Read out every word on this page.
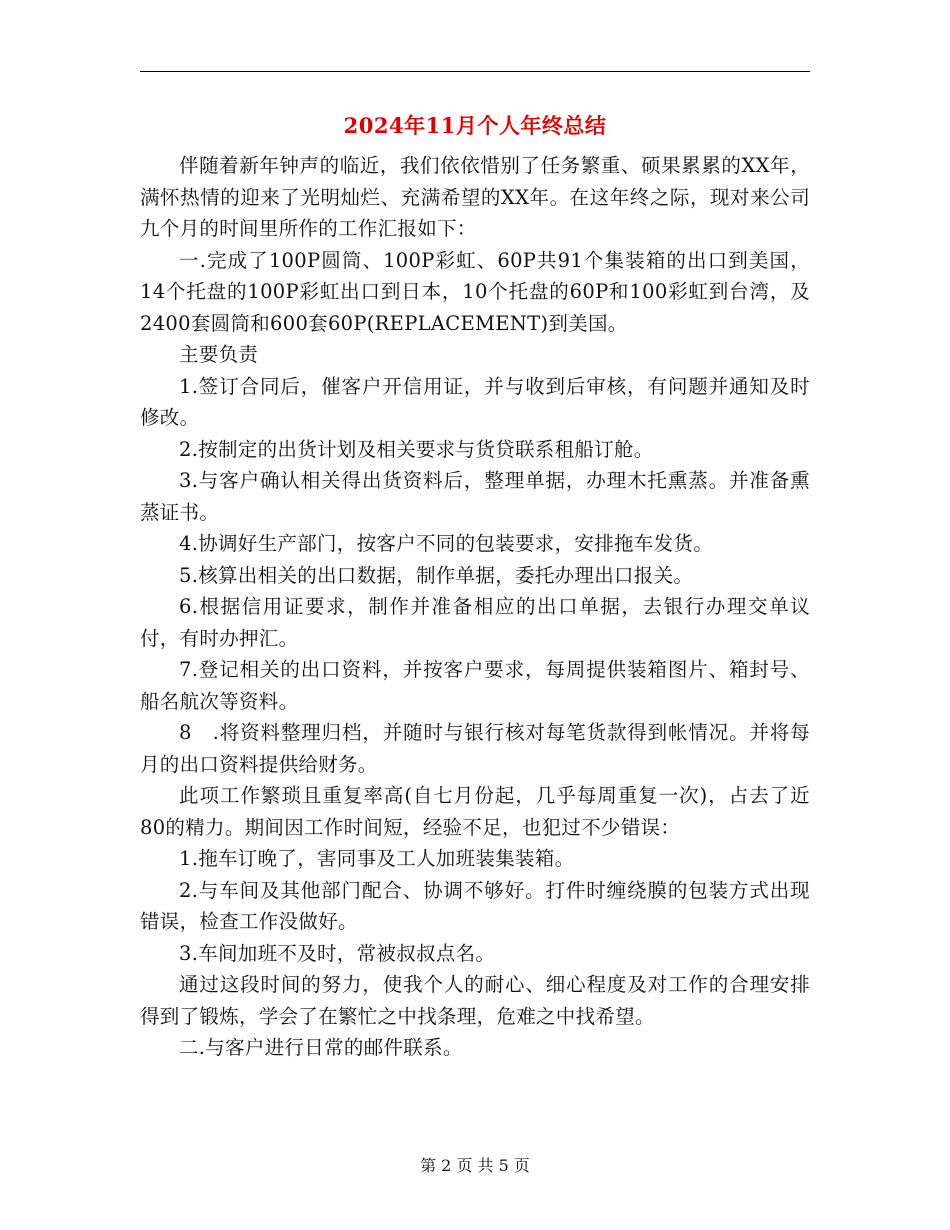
2024年11月个人年终总结

伴随着新年钟声的临近，我们依依惜别了任务繁重、硕果累累的XX年，满怀热情的迎来了光明灿烂、充满希望的XX年。在这年终之际，现对来公司九个月的时间里所作的工作汇报如下：

一.完成了100P圆筒、100P彩虹、60P共91个集装箱的出口到美国，14个托盘的100P彩虹出口到日本，10个托盘的60P和100彩虹到台湾，及2400套圆筒和600套60P(REPLACEMENT)到美国。

主要负责

1.签订合同后，催客户开信用证，并与收到后审核，有问题并通知及时修改。

2.按制定的出货计划及相关要求与货贷联系租船订舱。

3.与客户确认相关得出货资料后，整理单据，办理木托熏蒸。并准备熏蒸证书。

4.协调好生产部门，按客户不同的包装要求，安排拖车发货。

5.核算出相关的出口数据，制作单据，委托办理出口报关。

6.根据信用证要求，制作并准备相应的出口单据，去银行办理交单议付，有时办押汇。

7.登记相关的出口资料，并按客户要求，每周提供装箱图片、箱封号、船名航次等资料。

8　.将资料整理归档，并随时与银行核对每笔货款得到帐情况。并将每月的出口资料提供给财务。

此项工作繁琐且重复率高(自七月份起，几乎每周重复一次)，占去了近80的精力。期间因工作时间短，经验不足，也犯过不少错误：

1.拖车订晚了，害同事及工人加班装集装箱。

2.与车间及其他部门配合、协调不够好。打件时缠绕膜的包装方式出现错误，检查工作没做好。

3.车间加班不及时，常被叔叔点名。

通过这段时间的努力，使我个人的耐心、细心程度及对工作的合理安排得到了锻炼，学会了在繁忙之中找条理，危难之中找希望。

二.与客户进行日常的邮件联系。

第 2 页 共 5 页
